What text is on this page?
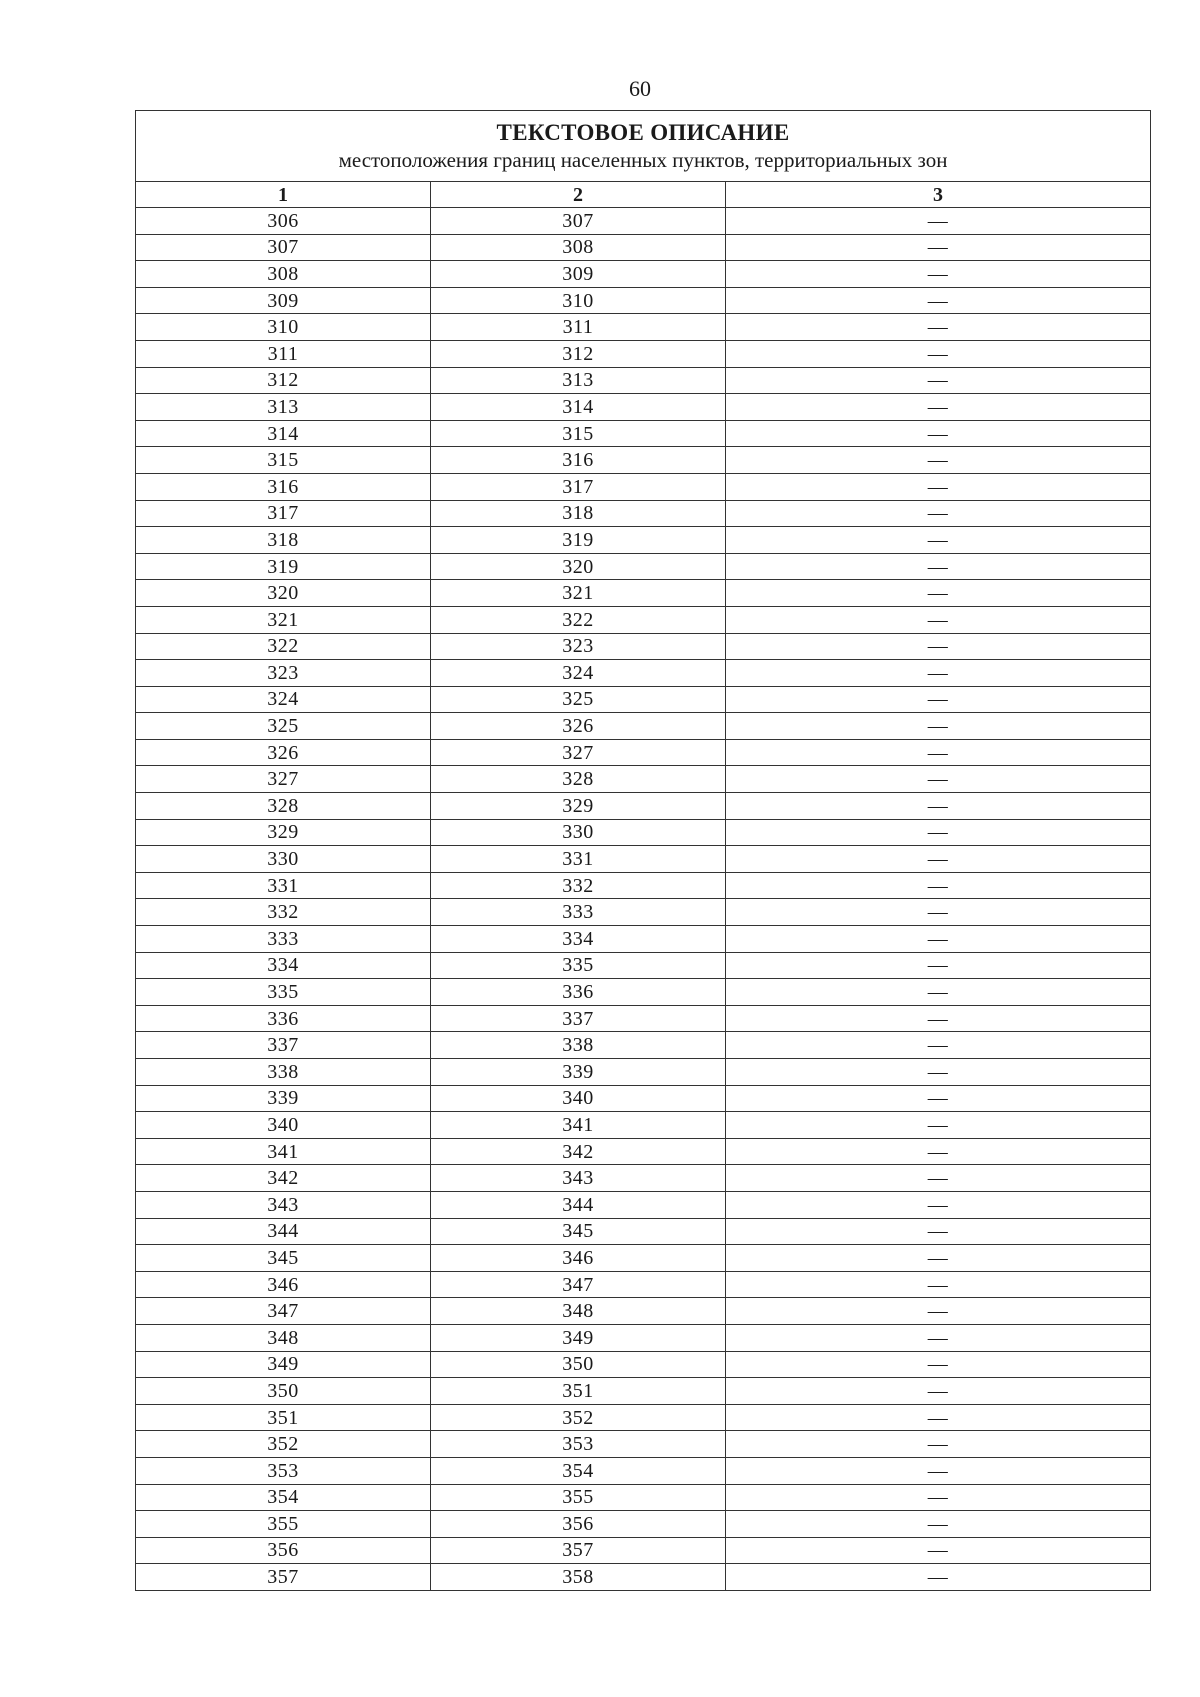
60
ТЕКСТОВОЕ ОПИСАНИЕ
местоположения границ населенных пунктов, территориальных зон		

1	2	3
306	307	—
307	308	—
308	309	—
309	310	—
310	311	—
311	312	—
312	313	—
313	314	—
314	315	—
315	316	—
316	317	—
317	318	—
318	319	—
319	320	—
320	321	—
321	322	—
322	323	—
323	324	—
324	325	—
325	326	—
326	327	—
327	328	—
328	329	—
329	330	—
330	331	—
331	332	—
332	333	—
333	334	—
334	335	—
335	336	—
336	337	—
337	338	—
338	339	—
339	340	—
340	341	—
341	342	—
342	343	—
343	344	—
344	345	—
345	346	—
346	347	—
347	348	—
348	349	—
349	350	—
350	351	—
351	352	—
352	353	—
353	354	—
354	355	—
355	356	—
356	357	—
357	358	—
